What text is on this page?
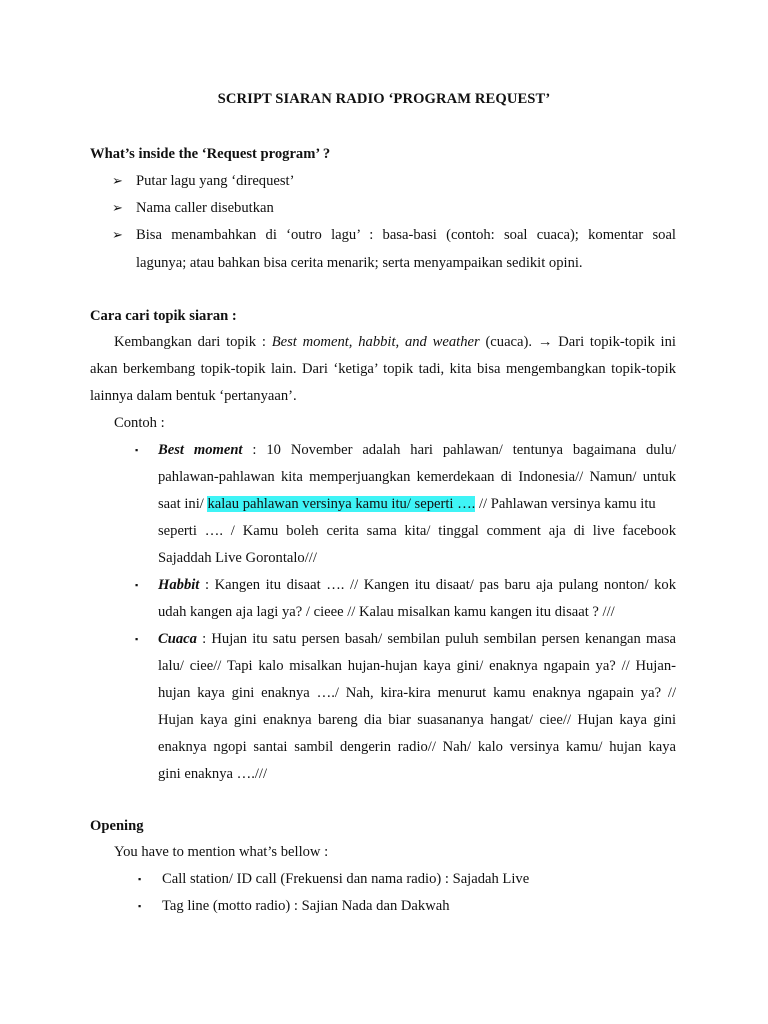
SCRIPT SIARAN RADIO ‘PROGRAM REQUEST’
What’s inside the ‘Request program’ ?
➢ Putar lagu yang ‘direquest’
➢ Nama caller disebutkan
➢ Bisa menambahkan di ‘outro lagu’ : basa-basi (contoh: soal cuaca); komentar soal
lagunya; atau bahkan bisa cerita menarik; serta menyampaikan sedikit opini.
Cara cari topik siaran :
Kembangkan dari topik : Best moment, habbit, and weather (cuaca). → Dari topik-topik ini
akan berkembang topik-topik lain. Dari ‘ketiga’ topik tadi, kita bisa mengembangkan topik-topik
lainnya dalam bentuk ‘pertanyaan’.
Contoh :
▪ Best moment : 10 November adalah hari pahlawan/ tentunya bagaimana dulu/
pahlawan-pahlawan kita memperjuangkan kemerdekaan di Indonesia// Namun/ untuk
saat ini/ kalau pahlawan versinya kamu itu/ seperti …. // Pahlawan versinya kamu itu
seperti …. / Kamu boleh cerita sama kita/ tinggal comment aja di live facebook
Sajaddah Live Gorontalo///
▪ Habbit : Kangen itu disaat …. // Kangen itu disaat/ pas baru aja pulang nonton/ kok
udah kangen aja lagi ya? / cieee // Kalau misalkan kamu kangen itu disaat ? ///
▪ Cuaca : Hujan itu satu persen basah/ sembilan puluh sembilan persen kenangan masa
lalu/ ciee// Tapi kalo misalkan hujan-hujan kaya gini/ enaknya ngapain ya? // Hujan-
hujan kaya gini enaknya …./ Nah, kira-kira menurut kamu enaknya ngapain ya? //
Hujan kaya gini enaknya bareng dia biar suasananya hangat/ ciee// Hujan kaya gini
enaknya ngopi santai sambil dengerin radio// Nah/ kalo versinya kamu/ hujan kaya
gini enaknya ….///
Opening
You have to mention what’s bellow :
▪ Call station/ ID call (Frekuensi dan nama radio) : Sajadah Live
▪ Tag line (motto radio) : Sajian Nada dan Dakwah
